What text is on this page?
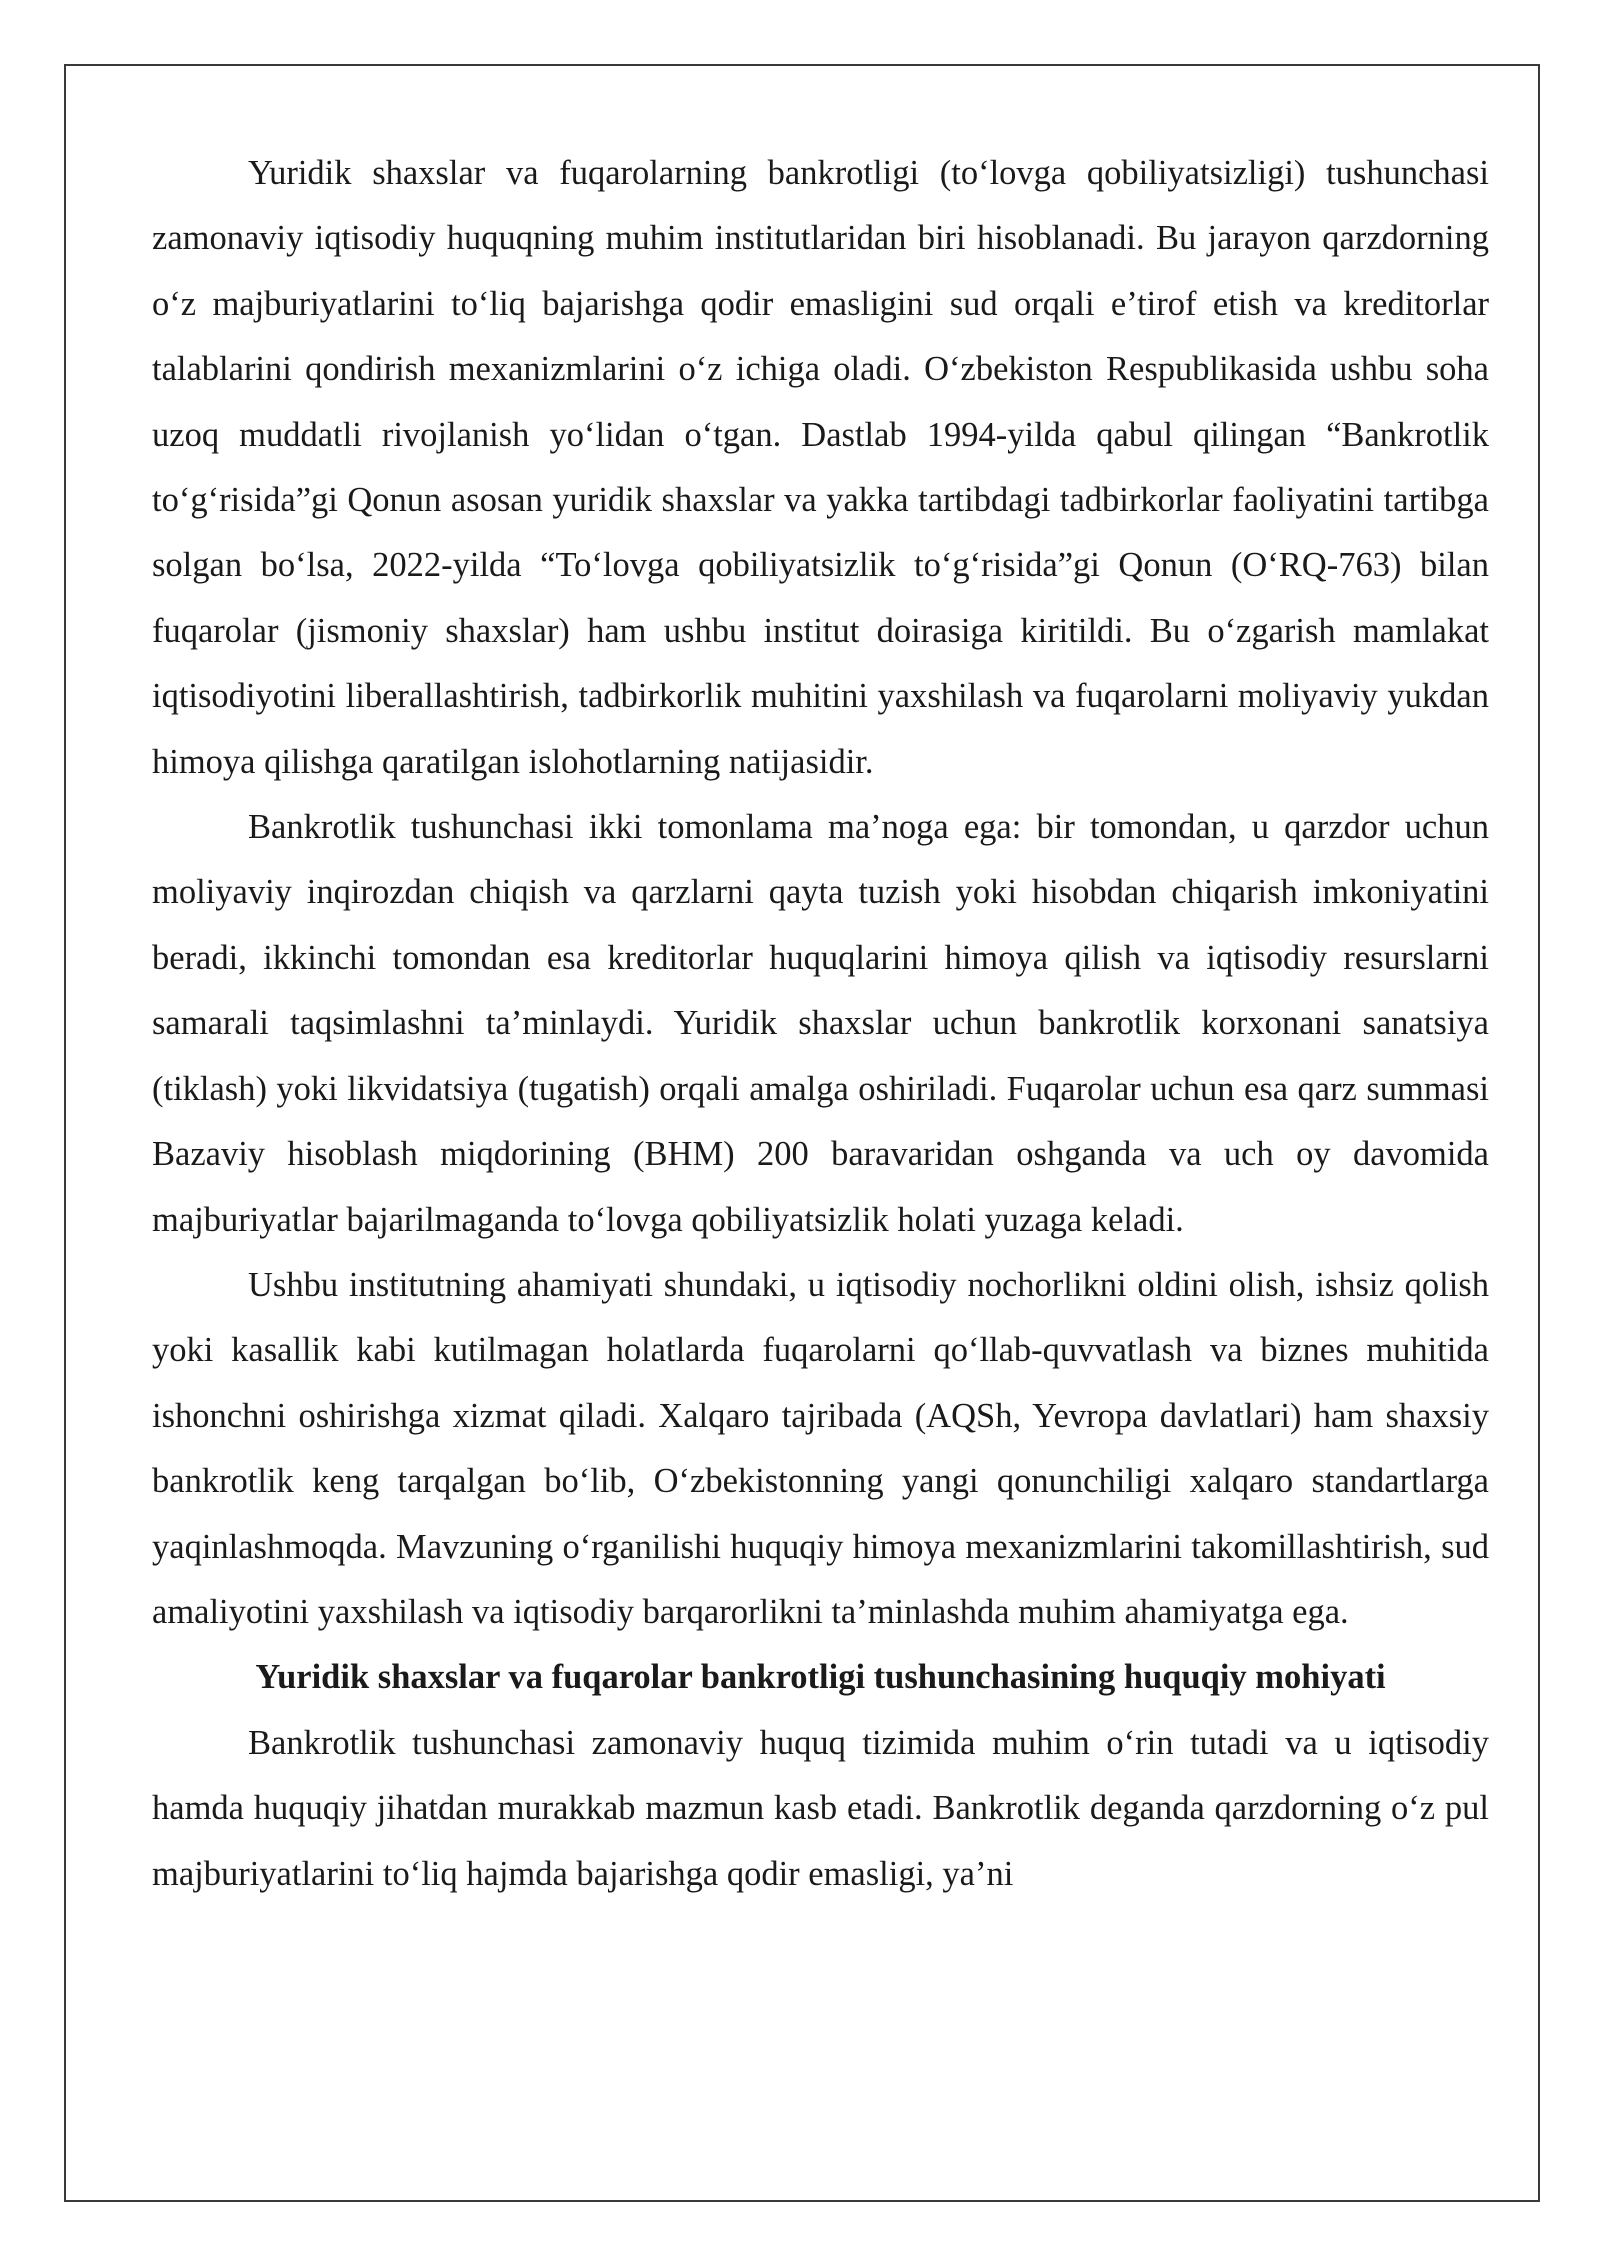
Yuridik shaxslar va fuqarolarning bankrotligi (to‘lovga qobiliyatsizligi) tushunchasi zamonaviy iqtisodiy huquqning muhim institutlaridan biri hisoblanadi. Bu jarayon qarzdorning o‘z majburiyatlarini to‘liq bajarishga qodir emasligini sud orqali e’tirof etish va kreditorlar talablarini qondirish mexanizmlarini o‘z ichiga oladi. O‘zbekiston Respublikasida ushbu soha uzoq muddatli rivojlanish yo‘lidan o‘tgan. Dastlab 1994-yilda qabul qilingan “Bankrotlik to‘g‘risida”gi Qonun asosan yuridik shaxslar va yakka tartibdagi tadbirkorlar faoliyatini tartibga solgan bo‘lsa, 2022-yilda “To‘lovga qobiliyatsizlik to‘g‘risida”gi Qonun (O‘RQ-763) bilan fuqarolar (jismoniy shaxslar) ham ushbu institut doirasiga kiritildi. Bu o‘zgarish mamlakat iqtisodiyotini liberallashtirish, tadbirkorlik muhitini yaxshilash va fuqarolarni moliyaviy yukdan himoya qilishga qaratilgan islohotlarning natijasidir.

Bankrotlik tushunchasi ikki tomonlama ma’noga ega: bir tomondan, u qarzdor uchun moliyaviy inqirozdan chiqish va qarzlarni qayta tuzish yoki hisobdan chiqarish imkoniyatini beradi, ikkinchi tomondan esa kreditorlar huquqlarini himoya qilish va iqtisodiy resurslarni samarali taqsimlashni ta’minlaydi. Yuridik shaxslar uchun bankrotlik korxonani sanatsiya (tiklash) yoki likvidatsiya (tugatish) orqali amalga oshiriladi. Fuqarolar uchun esa qarz summasi Bazaviy hisoblash miqdorining (BHM) 200 baravaridan oshganda va uch oy davomida majburiyatlar bajarilmaganda to‘lovga qobiliyatsizlik holati yuzaga keladi.

Ushbu institutning ahamiyati shundaki, u iqtisodiy nochorlikni oldini olish, ishsiz qolish yoki kasallik kabi kutilmagan holatlarda fuqarolarni qo‘llab-quvvatlash va biznes muhitida ishonchni oshirishga xizmat qiladi. Xalqaro tajribada (AQSh, Yevropa davlatlari) ham shaxsiy bankrotlik keng tarqalgan bo‘lib, O‘zbekistonning yangi qonunchiligi xalqaro standartlarga yaqinlashmoqda. Mavzuning o‘rganilishi huquqiy himoya mexanizmlarini takomillashtirish, sud amaliyotini yaxshilash va iqtisodiy barqarorlikni ta’minlashda muhim ahamiyatga ega.

Yuridik shaxslar va fuqarolar bankrotligi tushunchasining huquqiy mohiyati

Bankrotlik tushunchasi zamonaviy huquq tizimida muhim o‘rin tutadi va u iqtisodiy hamda huquqiy jihatdan murakkab mazmun kasb etadi. Bankrotlik deganda qarzdorning o‘z pul majburiyatlarini to‘liq hajmda bajarishga qodir emasligi, ya’ni
